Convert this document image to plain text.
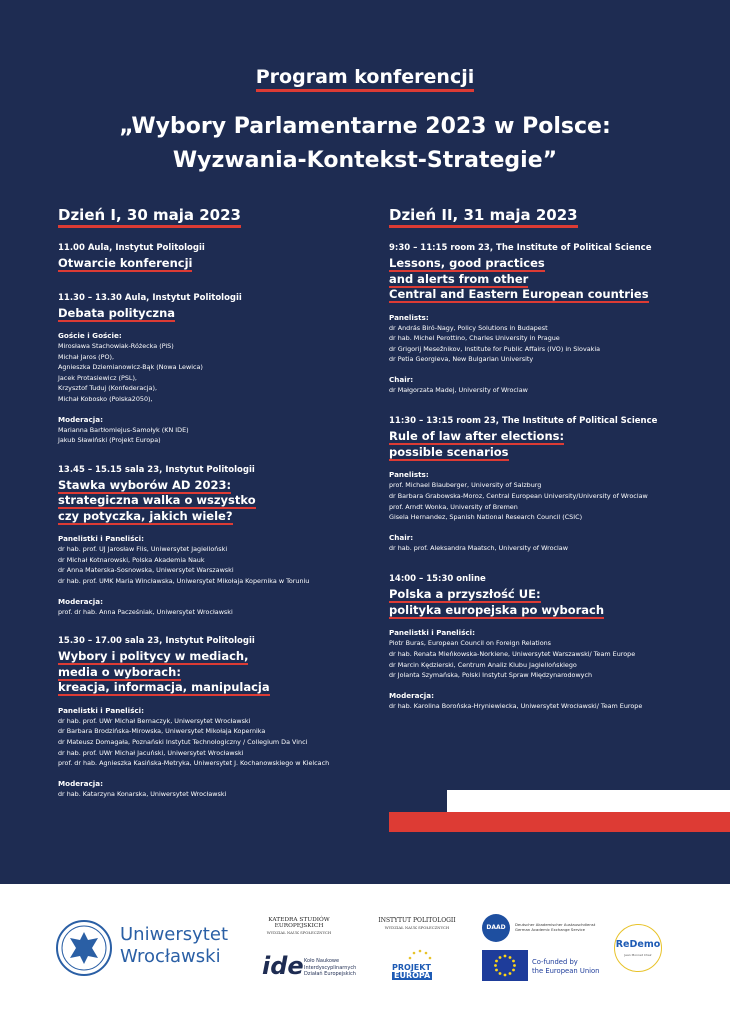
Program konferencji
„Wybory Parlamentarne 2023 w Polsce:
Wyzwania-Kontekst-Strategie”
Dzień I, 30 maja 2023
11.00 Aula, Instytut Politologii
Otwarcie konferencji
11.30 – 13.30 Aula, Instytut Politologii
Debata polityczna
Goście i Goście:
Mirosława Stachowiak-Różecka (PiS)
Michał Jaros (PO),
Agnieszka Dziemianowicz-Bąk (Nowa Lewica)
Jacek Protasiewicz (PSL),
Krzysztof Tuduj (Konfederacja),
Michał Kobosko (Polska2050),
Moderacja:
Marianna Bartłomiejus-Samołyk (KN IDE)
Jakub Sławiński (Projekt Europa)
13.45 – 15.15 sala 23, Instytut Politologii
Stawka wyborów AD 2023:
strategiczna walka o wszystko
czy potyczka, jakich wiele?
Panelistki i Paneliści:
dr hab. prof. UJ Jarosław Flis, Uniwersytet Jagielloński
dr Michał Kotnarowski, Polska Akademia Nauk
dr Anna Materska-Sosnowska, Uniwersytet Warszawski
dr hab. prof. UMK Maria Wincławska, Uniwersytet Mikołaja Kopernika w Toruniu
Moderacja:
prof. dr hab. Anna Pacześniak, Uniwersytet Wrocławski
15.30 – 17.00 sala 23, Instytut Politologii
Wybory i politycy w mediach,
media o wyborach:
kreacja, informacja, manipulacja
Panelistki i Paneliści:
dr hab. prof. UWr Michał Bernaczyk, Uniwersytet Wrocławski
dr Barbara Brodzińska-Mirowska, Uniwersytet Mikołaja Kopernika
dr Mateusz Domagała, Poznański Instytut Technologiczny / Collegium Da Vinci
dr hab. prof. UWr Michał Jacuński, Uniwersytet Wrocławski
prof. dr hab. Agnieszka Kasińska-Metryka, Uniwersytet J. Kochanowskiego w Kielcach
Moderacja:
dr hab. Katarzyna Konarska, Uniwersytet Wrocławski
Dzień II, 31 maja 2023
9:30 – 11:15 room 23, The Institute of Political Science
Lessons, good practices
and alerts from other
Central and Eastern European countries
Panelists:
dr András Biró-Nagy, Policy Solutions in Budapest
dr hab. Michel Perottino, Charles University in Prague
dr Grigorij Mesežnikov, Institute for Public Affairs (IVO) in Slovakia
dr Petia Georgieva, New Bulgarian University
Chair:
dr Małgorzata Madej, University of Wroclaw
11:30 – 13:15 room 23, The Institute of Political Science
Rule of law after elections:
possible scenarios
Panelists:
prof. Michael Blauberger, University of Salzburg
dr Barbara Grabowska-Moroz, Central European University/University of Wroclaw
prof. Arndt Wonka, University of Bremen
Gisela Hernandez, Spanish National Research Council (CSIC)
Chair:
dr hab. prof. Aleksandra Maatsch, University of Wroclaw
14:00 – 15:30 online
Polska a przyszłość UE:
polityka europejska po wyborach
Panelistki i Paneliści:
Piotr Buras, European Council on Foreign Relations
dr hab. Renata Mieńkowska-Norkiene, Uniwersytet Warszawski/ Team Europe
dr Marcin Kędzierski, Centrum Analiz Klubu Jagiellońskiego
dr Jolanta Szymańska, Polski Instytut Spraw Międzynarodowych
Moderacja:
dr hab. Karolina Borońska-Hryniewiecka, Uniwersytet Wrocławski/ Team Europe
Uniwersytet
Wrocławski
KATEDRA STUDIÓW EUROPEJSKICH
WYDZIAŁ NAUK SPOŁECZNYCH
INSTYTUT POLITOLOGII
WYDZIAŁ NAUK SPOŁECZNYCH
ide Koło Naukowe
Interdyscyplinarnych
Działań Europejskich
PROJEKT
EUROPA
DAAD	Deutscher Akademischer Austauschdienst
German Academic Exchange Service
Co-funded by
the European Union
ReDemo
Jean Monnet Chair
